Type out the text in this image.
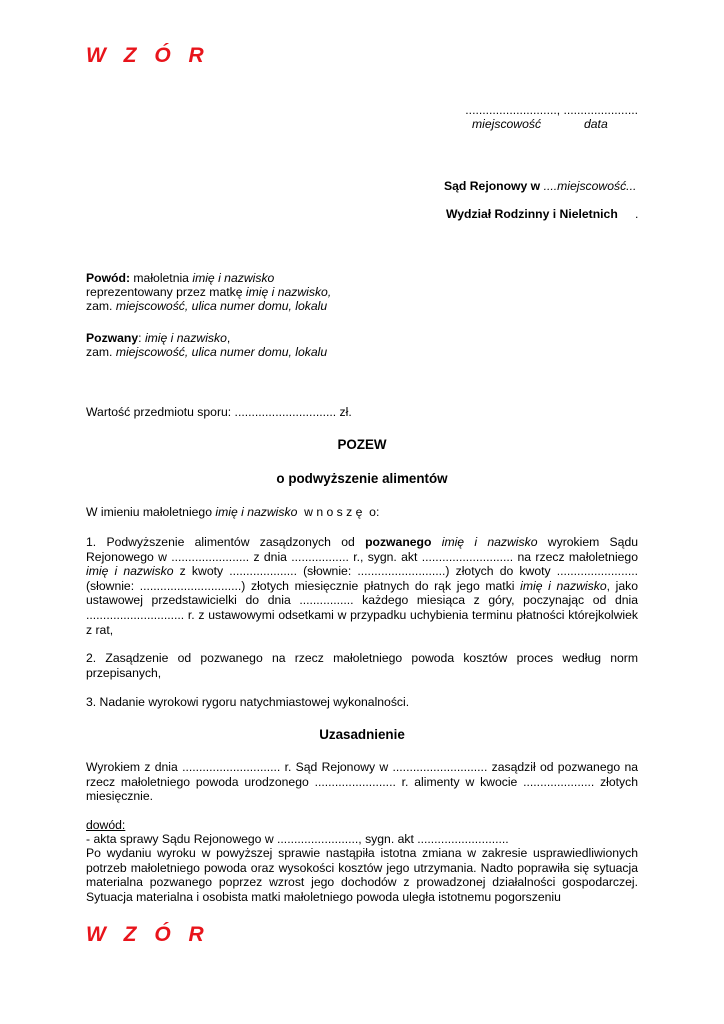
W Z Ó R
..........................., ......................
miejscowość	data
Sąd Rejonowy w ....miejscowość...
Wydział Rodzinny i Nieletnich .
Powód: małoletnia imię i nazwisko
reprezentowany przez matkę imię i nazwisko,
zam. miejscowość, ulica numer domu, lokalu
Pozwany: imię i nazwisko,
zam. miejscowość, ulica numer domu, lokalu
Wartość przedmiotu sporu: .............................. zł.
POZEW
o podwyższenie alimentów
W imieniu małoletniego imię i nazwisko w n o s z ę o:
1. Podwyższenie alimentów zasądzonych od pozwanego imię i nazwisko wyrokiem Sądu Rejonowego w ....................... z dnia ................. r., sygn. akt ........................... na rzecz małoletniego imię i nazwisko z kwoty .................... (słownie: ..........................) złotych do kwoty ........................ (słownie: ..............................) złotych miesięcznie płatnych do rąk jego matki imię i nazwisko, jako ustawowej przedstawicielki do dnia ................ każdego miesiąca z góry, poczynając od dnia ............................. r. z ustawowymi odsetkami w przypadku uchybienia terminu płatności którejkolwiek z rat,
2. Zasądzenie od pozwanego na rzecz małoletniego powoda kosztów proces według norm przepisanych,
3. Nadanie wyrokowi rygoru natychmiastowej wykonalności.
Uzasadnienie
Wyrokiem z dnia ............................. r. Sąd Rejonowy w ............................ zasądził od pozwanego na rzecz małoletniego powoda urodzonego ........................ r. alimenty w kwocie ..................... złotych miesięcznie.
dowód:
- akta sprawy Sądu Rejonowego w ........................, sygn. akt ...........................
Po wydaniu wyroku w powyższej sprawie nastąpiła istotna zmiana w zakresie usprawiedliwionych potrzeb małoletniego powoda oraz wysokości kosztów jego utrzymania. Nadto poprawiła się sytuacja materialna pozwanego poprzez wzrost jego dochodów z prowadzonej działalności gospodarczej. Sytuacja materialna i osobista matki małoletniego powoda uległa istotnemu pogorszeniu
W Z Ó R
